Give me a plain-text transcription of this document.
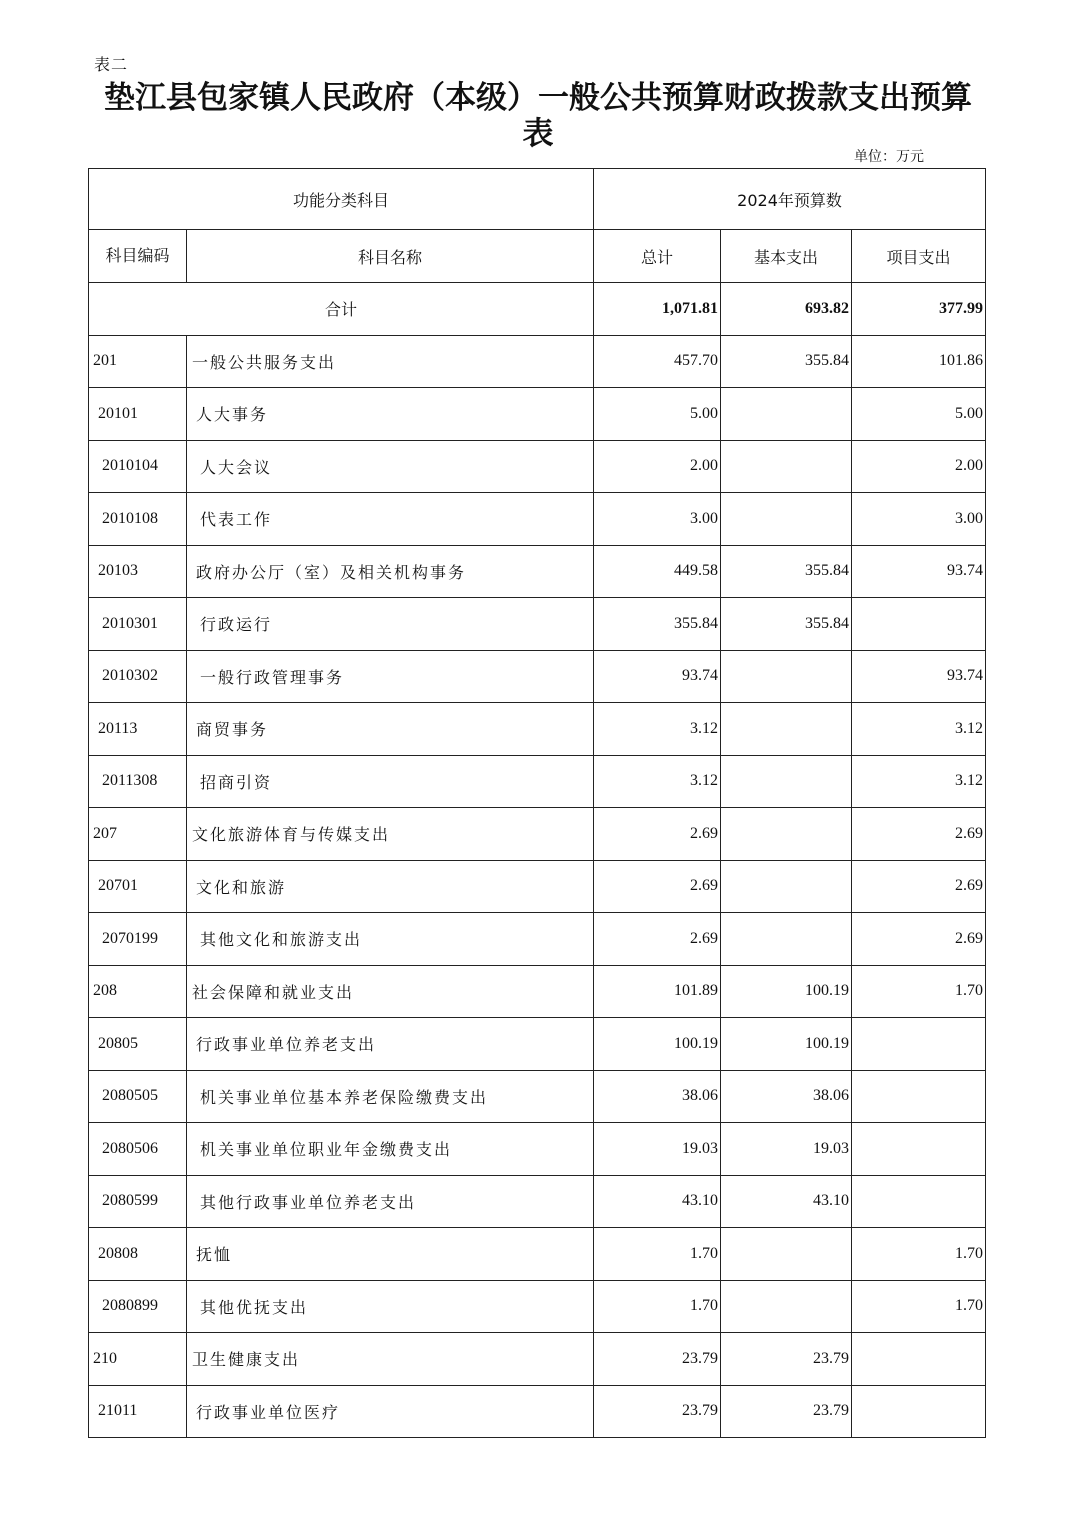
表二
垫江县包家镇人民政府（本级）一般公共预算财政拨款支出预算表
单位：万元
功能分类科目		2024年预算数		
科目编码	科目名称	总计	基本支出	项目支出
合计		1,071.81	693.82	377.99
201	一般公共服务支出	457.70	355.84	101.86
20101	人大事务	5.00		5.00
2010104	人大会议	2.00		2.00
2010108	代表工作	3.00		3.00
20103	政府办公厅（室）及相关机构事务	449.58	355.84	93.74
2010301	行政运行	355.84	355.84	
2010302	一般行政管理事务	93.74		93.74
20113	商贸事务	3.12		3.12
2011308	招商引资	3.12		3.12
207	文化旅游体育与传媒支出	2.69		2.69
20701	文化和旅游	2.69		2.69
2070199	其他文化和旅游支出	2.69		2.69
208	社会保障和就业支出	101.89	100.19	1.70
20805	行政事业单位养老支出	100.19	100.19	
2080505	机关事业单位基本养老保险缴费支出	38.06	38.06	
2080506	机关事业单位职业年金缴费支出	19.03	19.03	
2080599	其他行政事业单位养老支出	43.10	43.10	
20808	抚恤	1.70		1.70
2080899	其他优抚支出	1.70		1.70
210	卫生健康支出	23.79	23.79	
21011	行政事业单位医疗	23.79	23.79	
